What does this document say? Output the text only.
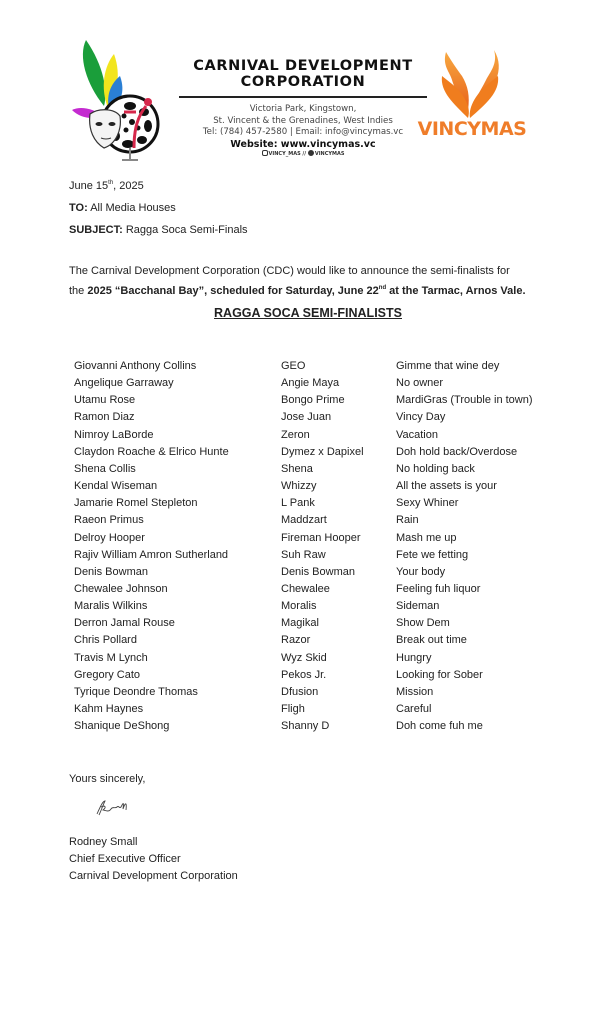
CARNIVAL DEVELOPMENT
CORPORATION
Victoria Park, Kingstown,
St. Vincent & the Grenadines, West Indies
Tel: (784) 457-2580 | Email: info@vincymas.vc
Website: www.vincymas.vc
VINCY_MAS // VINCYMAS
VINCYMAS
June 15th, 2025
TO: All Media Houses
SUBJECT: Ragga Soca Semi-Finals
The Carnival Development Corporation (CDC) would like to announce the semi-finalists for
the 2025 “Bacchanal Bay”, scheduled for Saturday, June 22nd at the Tarmac, Arnos Vale.
RAGGA SOCA SEMI-FINALISTS
Giovanni Anthony Collins	GEO	Gimme that wine dey
Angelique Garraway	Angie Maya	No owner
Utamu Rose	Bongo Prime	MardiGras (Trouble in town)
Ramon Diaz	Jose Juan	Vincy Day
Nimroy LaBorde	Zeron	Vacation
Claydon Roache & Elrico Hunte	Dymez x Dapixel	Doh hold back/Overdose
Shena Collis	Shena	No holding back
Kendal Wiseman	Whizzy	All the assets is your
Jamarie Romel Stepleton	L Pank	Sexy Whiner
Raeon Primus	Maddzart	Rain
Delroy Hooper	Fireman Hooper	Mash me up
Rajiv William Amron Sutherland	Suh Raw	Fete we fetting
Denis Bowman	Denis Bowman	Your body
Chewalee Johnson	Chewalee	Feeling fuh liquor
Maralis Wilkins	Moralis	Sideman
Derron Jamal Rouse	Magikal	Show Dem
Chris Pollard	Razor	Break out time
Travis M Lynch	Wyz Skid	Hungry
Gregory Cato	Pekos Jr.	Looking for Sober
Tyrique Deondre Thomas	Dfusion	Mission
Kahm Haynes	Fligh	Careful
Shanique DeShong	Shanny D	Doh come fuh me
Yours sincerely,
Rodney Small
Chief Executive Officer
Carnival Development Corporation
